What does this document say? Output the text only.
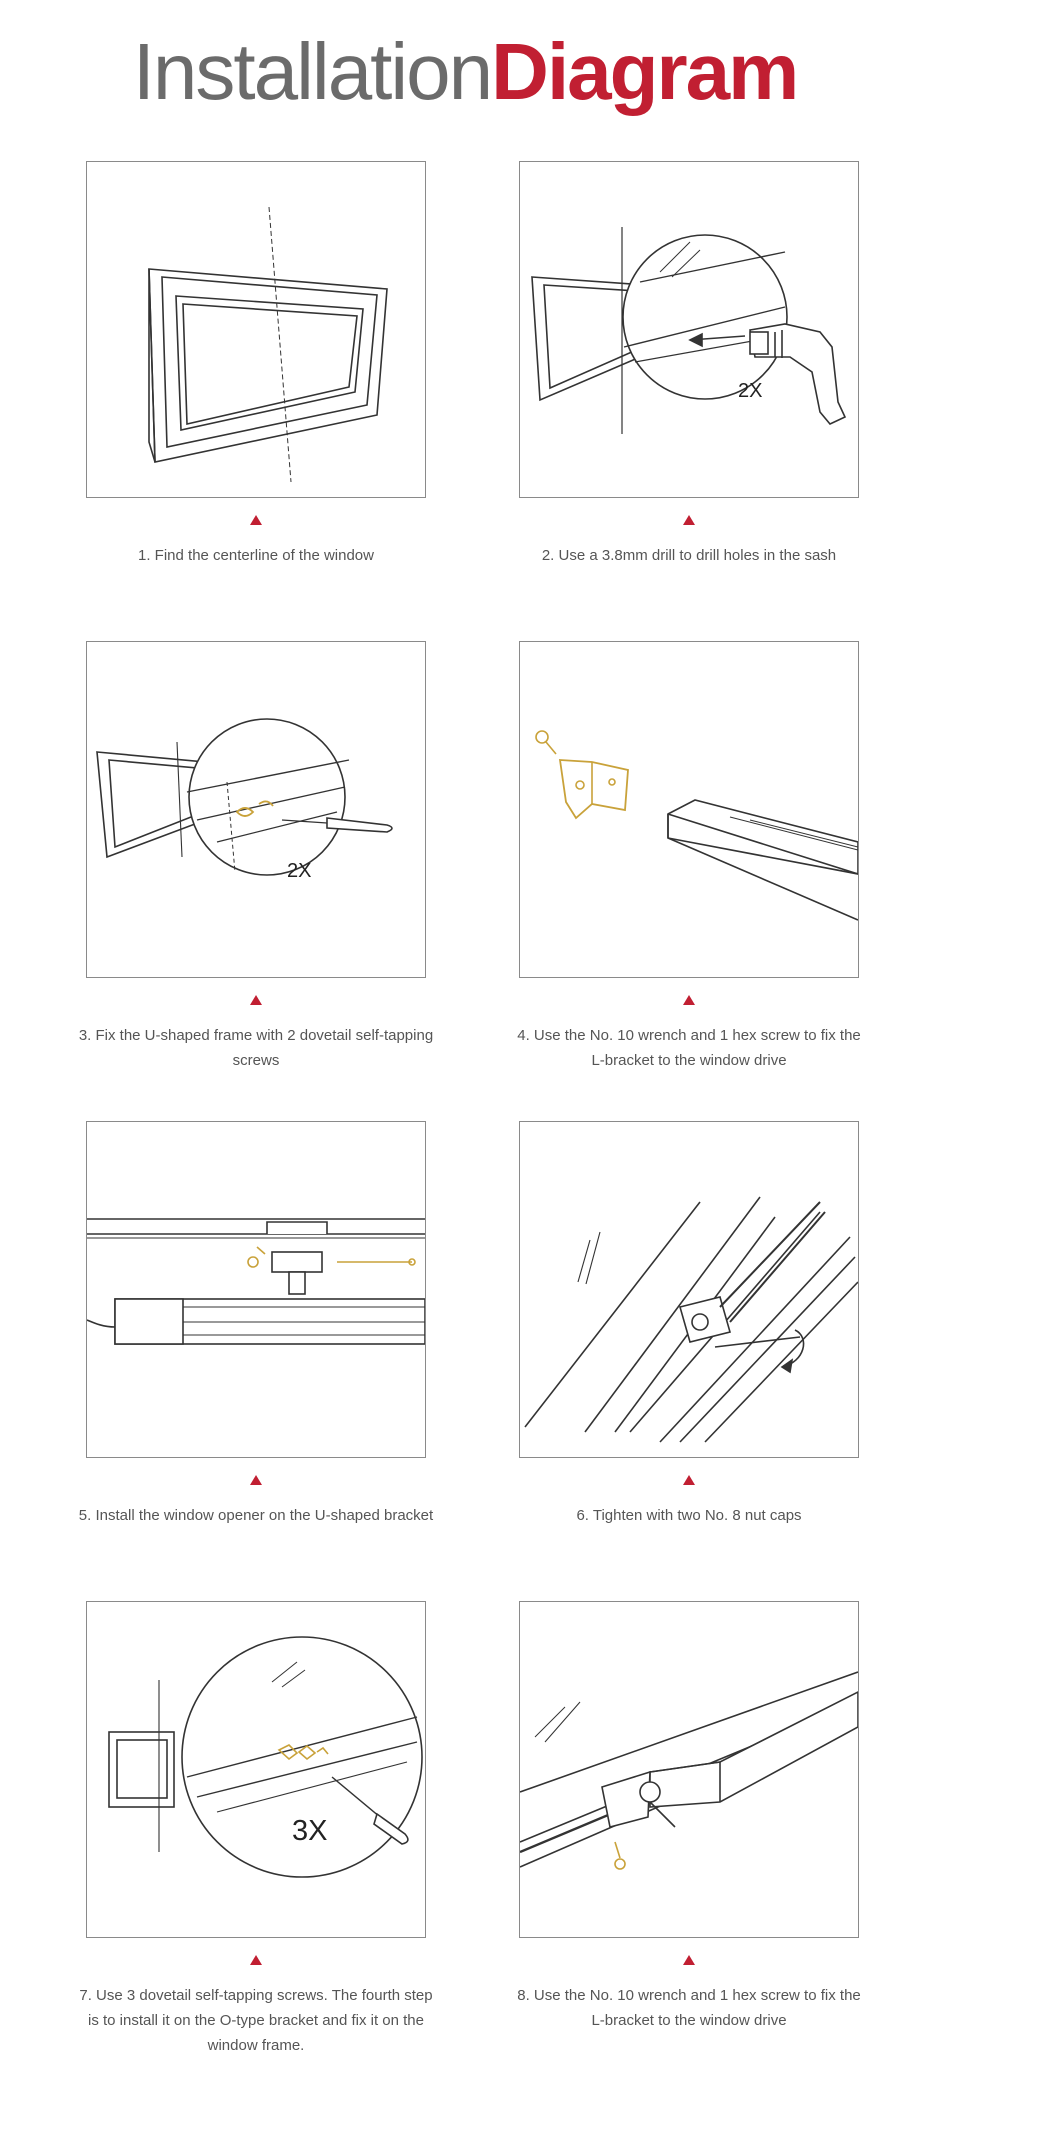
InstallationDiagram
1. Find the centerline of the window
2X
2. Use a 3.8mm drill to drill holes in the sash
2X
3. Fix the U-shaped frame with 2 dovetail self-tapping screws
4. Use the No. 10 wrench and 1 hex screw to fix the L-bracket to the window drive
5. Install the window opener on the U-shaped bracket	6. Tighten with two No. 8 nut caps
3X
7. Use 3 dovetail self-tapping screws. The fourth step is to install it on the O-type bracket and fix it on the window frame.
8. Use the No. 10 wrench and 1 hex screw to fix the L-bracket to the window drive
